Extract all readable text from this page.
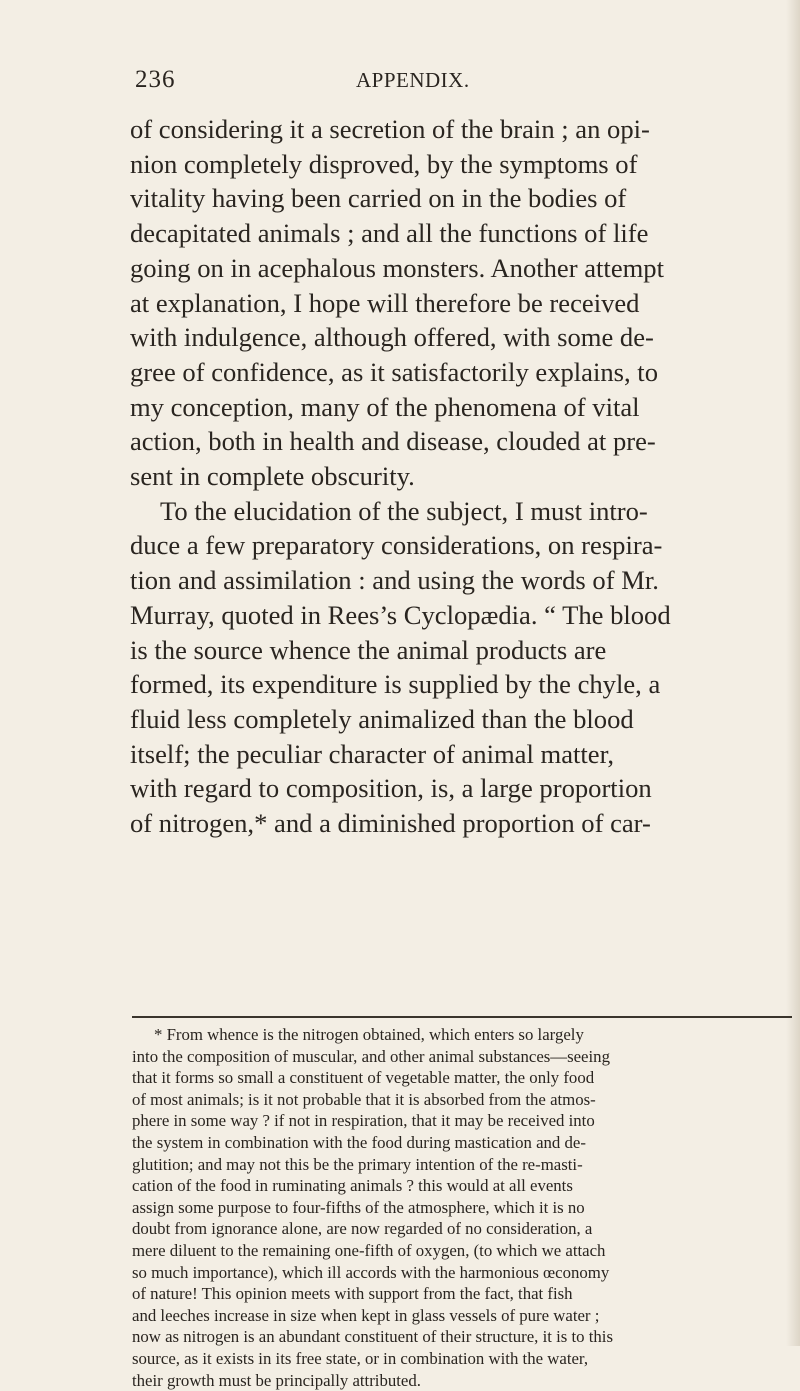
236	APPENDIX.
of considering it a secretion of the brain ; an opi-
nion completely disproved, by the symptoms of
vitality having been carried on in the bodies of
decapitated animals ; and all the functions of life
going on in acephalous monsters. Another attempt
at explanation, I hope will therefore be received
with indulgence, although offered, with some de-
gree of confidence, as it satisfactorily explains, to
my conception, many of the phenomena of vital
action, both in health and disease, clouded at pre-
sent in complete obscurity.
To the elucidation of the subject, I must intro-
duce a few preparatory considerations, on respira-
tion and assimilation : and using the words of Mr.
Murray, quoted in Rees’s Cyclopædia. “ The blood
is the source whence the animal products are
formed, its expenditure is supplied by the chyle, a
fluid less completely animalized than the blood
itself; the peculiar character of animal matter,
with regard to composition, is, a large proportion
of nitrogen,* and a diminished proportion of car-
* From whence is the nitrogen obtained, which enters so largely
into the composition of muscular, and other animal substances—seeing
that it forms so small a constituent of vegetable matter, the only food
of most animals; is it not probable that it is absorbed from the atmos-
phere in some way ? if not in respiration, that it may be received into
the system in combination with the food during mastication and de-
glutition; and may not this be the primary intention of the re-masti-
cation of the food in ruminating animals ? this would at all events
assign some purpose to four-fifths of the atmosphere, which it is no
doubt from ignorance alone, are now regarded of no consideration, a
mere diluent to the remaining one-fifth of oxygen, (to which we attach
so much importance), which ill accords with the harmonious œconomy
of nature! This opinion meets with support from the fact, that fish
and leeches increase in size when kept in glass vessels of pure water ;
now as nitrogen is an abundant constituent of their structure, it is to this
source, as it exists in its free state, or in combination with the water,
their growth must be principally attributed.
